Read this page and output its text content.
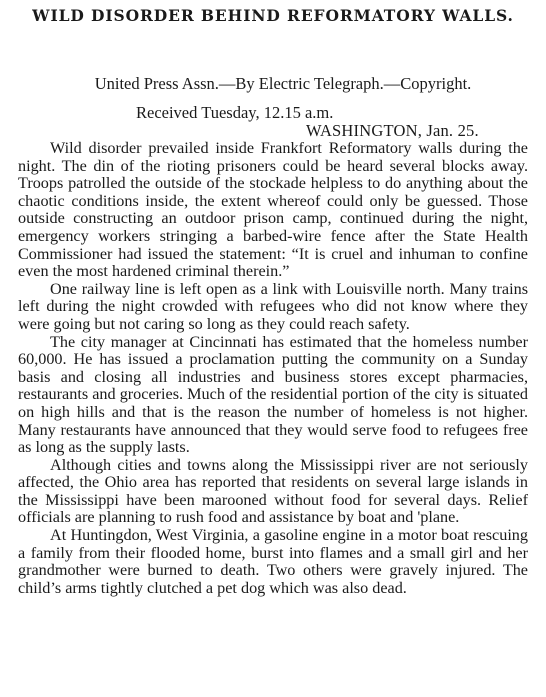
WILD DISORDER BEHIND REFORMATORY WALLS.
United Press Assn.—By Electric Telegraph.—Copyright.
Received Tuesday, 12.15 a.m.
WASHINGTON, Jan. 25.

Wild disorder prevailed inside Frankfort Reformatory walls during the night. The din of the rioting prisoners could be heard several blocks away. Troops patrolled the outside of the stockade helpless to do anything about the chaotic conditions inside, the extent whereof could only be guessed. Those outside constructing an outdoor prison camp, continued during the night, emergency workers stringing a barbed-wire fence after the State Health Commissioner had issued the statement: “It is cruel and inhuman to confine even the most hardened criminal therein.”

One railway line is left open as a link with Louisville north. Many trains left during the night crowded with refugees who did not know where they were going but not caring so long as they could reach safety.

The city manager at Cincinnati has estimated that the homeless number 60,000. He has issued a proclamation putting the community on a Sunday basis and closing all industries and business stores except pharmacies, restaurants and groceries. Much of the residential portion of the city is situated on high hills and that is the reason the number of homeless is not higher. Many restaurants have announced that they would serve food to refugees free as long as the supply lasts.

Although cities and towns along the Mississippi river are not seriously affected, the Ohio area has reported that residents on several large islands in the Mississippi have been marooned without food for several days. Relief officials are planning to rush food and assistance by boat and 'plane.

At Huntingdon, West Virginia, a gasoline engine in a motor boat rescuing a family from their flooded home, burst into flames and a small girl and her grandmother were burned to death. Two others were gravely injured. The child’s arms tightly clutched a pet dog which was also dead.
